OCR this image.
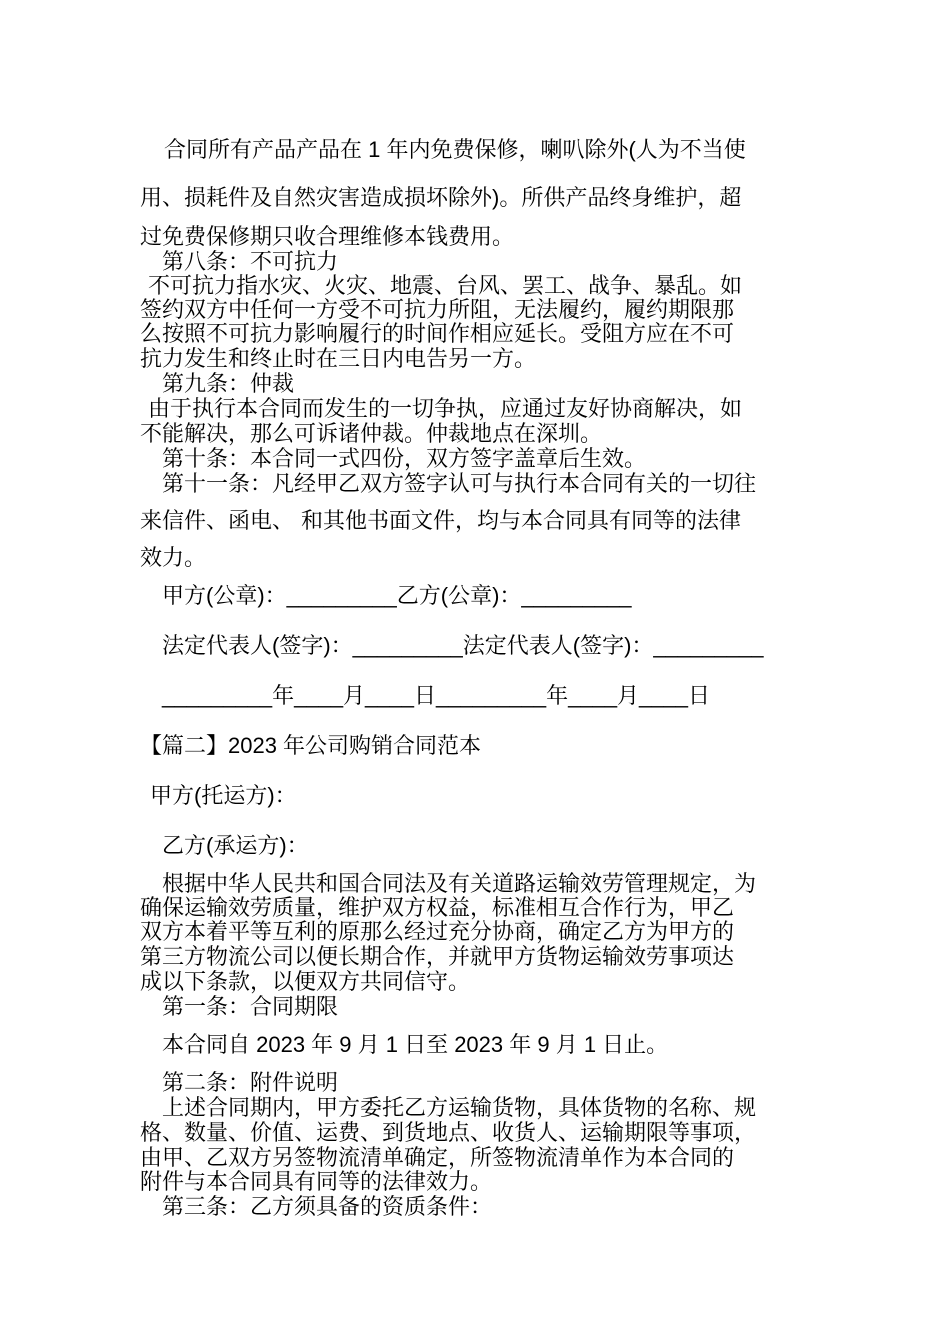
合同所有产品产品在 1 年内免费保修，喇叭除外(人为不当使
用、损耗件及自然灾害造成损坏除外)。所供产品终身维护，超
过免费保修期只收合理维修本钱费用。
第八条：不可抗力
不可抗力指水灾、火灾、地震、台风、罢工、战争、暴乱。如
签约双方中任何一方受不可抗力所阻，无法履约，履约期限那
么按照不可抗力影响履行的时间作相应延长。受阻方应在不可
抗力发生和终止时在三日内电告另一方。
第九条：仲裁
由于执行本合同而发生的一切争执，应通过友好协商解决，如
不能解决，那么可诉诸仲裁。仲裁地点在深圳。
第十条：本合同一式四份，双方签字盖章后生效。
第十一条：凡经甲乙双方签字认可与执行本合同有关的一切往
来信件、函电、 和其他书面文件，均与本合同具有同等的法律
效力。
甲方(公章)：_________乙方(公章)：_________
法定代表人(签字)：_________法定代表人(签字)：_________
_________年____月____日_________年____月____日
【篇二】2023 年公司购销合同范本
甲方(托运方)：
乙方(承运方)：
根据中华人民共和国合同法及有关道路运输效劳管理规定，为
确保运输效劳质量，维护双方权益，标准相互合作行为，甲乙
双方本着平等互利的原那么经过充分协商，确定乙方为甲方的
第三方物流公司以便长期合作，并就甲方货物运输效劳事项达
成以下条款，以便双方共同信守。
第一条：合同期限
本合同自 2023 年 9 月 1 日至 2023 年 9 月 1 日止。
第二条：附件说明
上述合同期内，甲方委托乙方运输货物，具体货物的名称、规
格、数量、价值、运费、到货地点、收货人、运输期限等事项，
由甲、乙双方另签物流清单确定，所签物流清单作为本合同的
附件与本合同具有同等的法律效力。
第三条：乙方须具备的资质条件：
